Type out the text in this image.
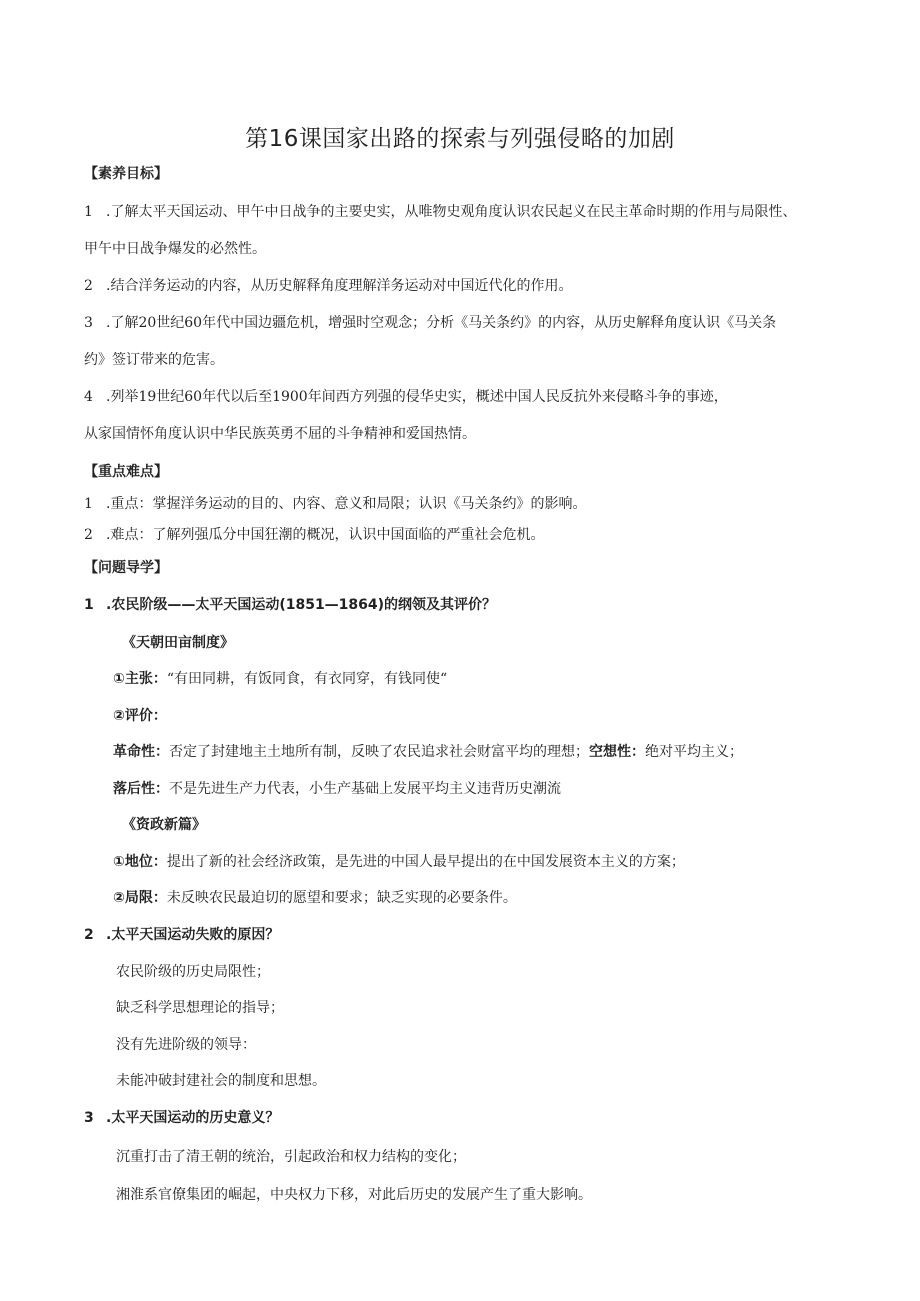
第16课国家出路的探索与列强侵略的加剧
【素养目标】
1 .了解太平天国运动、甲午中日战争的主要史实，从唯物史观角度认识农民起义在民主革命时期的作用与局限性、
甲午中日战争爆发的必然性。
2 .结合洋务运动的内容，从历史解释角度理解洋务运动对中国近代化的作用。
3 .了解20世纪60年代中国边疆危机，增强时空观念；分析《马关条约》的内容，从历史解释角度认识《马关条
约》签订带来的危害。
4 .列举19世纪60年代以后至1900年间西方列强的侵华史实，概述中国人民反抗外来侵略斗争的事迹，
从家国情怀角度认识中华民族英勇不屈的斗争精神和爱国热情。
【重点难点】
1 .重点：掌握洋务运动的目的、内容、意义和局限；认识《马关条约》的影响。
2 .难点：了解列强瓜分中国狂潮的概况，认识中国面临的严重社会危机。
【问题导学】
1 .农民阶级——太平天国运动(1851—1864)的纲领及其评价？
《天朝田亩制度》
①主张：“有田同耕，有饭同食，有衣同穿，有钱同使“
②评价：
革命性：否定了封建地主土地所有制，反映了农民追求社会财富平均的理想；空想性：绝对平均主义；
落后性：不是先进生产力代表，小生产基础上发展平均主义违背历史潮流
《资政新篇》
①地位：提出了新的社会经济政策，是先进的中国人最早提出的在中国发展资本主义的方案；
②局限：未反映农民最迫切的愿望和要求；缺乏实现的必要条件。
2 .太平天国运动失败的原因？
农民阶级的历史局限性；
缺乏科学思想理论的指导；
没有先进阶级的领导：
未能冲破封建社会的制度和思想。
3 .太平天国运动的历史意义？
沉重打击了清王朝的统治，引起政治和权力结构的变化；
湘淮系官僚集团的崛起，中央权力下移，对此后历史的发展产生了重大影响。
